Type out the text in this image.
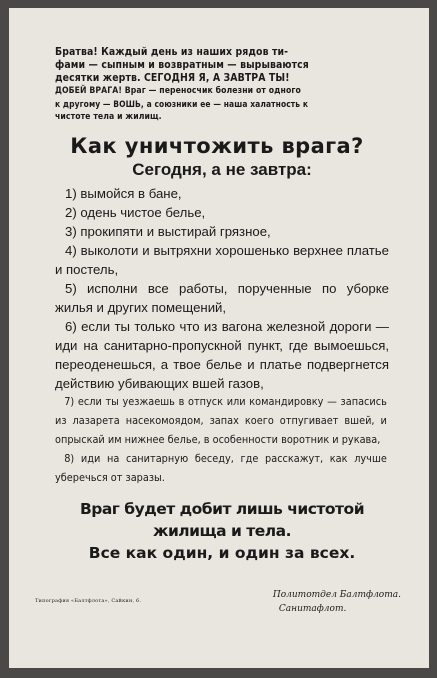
Братва! Каждый день из наших рядов ти-

фами — сыпным и возвратным — вырываются

десятки жертв. СЕГОДНЯ Я, А ЗАВТРА ТЫ!

ДОБЕЙ ВРАГА! Враг — переносчик болезни от одного

к другому — ВОШЬ, а союзники ее — наша халатность к

чистоте тела и жилищ.

Как уничтожить врага?
Сегодня, а не завтра:

1) вымойся в бане,

2) одень чистое белье,

3) прокипяти и выстирай грязное,

4) выколоти и вытряхни хорошенько верхнее платье и постель,

5) исполни все работы, порученные по уборке жилья и других помещений,

6) если ты только что из вагона железной дороги — иди на санитарно-пропускной пункт, где вымоешься, переоденешься, а твое белье и платье подвергнется действию убивающих вшей газов,

7) если ты уезжаешь в отпуск или командировку — запасись из лазарета насекомоядом, запах коего отпугивает вшей, и опрыскай им нижнее белье, в особенности воротник и рукава,

8) иди на санитарную беседу, где расскажут, как лучше уберечься от заразы.

Враг будет добит лишь чистотой жилища и тела.
Все как один, и один за всех.
Типография «Балтфлота», Сайкин, 6.
Политотдел Балтфлота.
Санитафлот.
